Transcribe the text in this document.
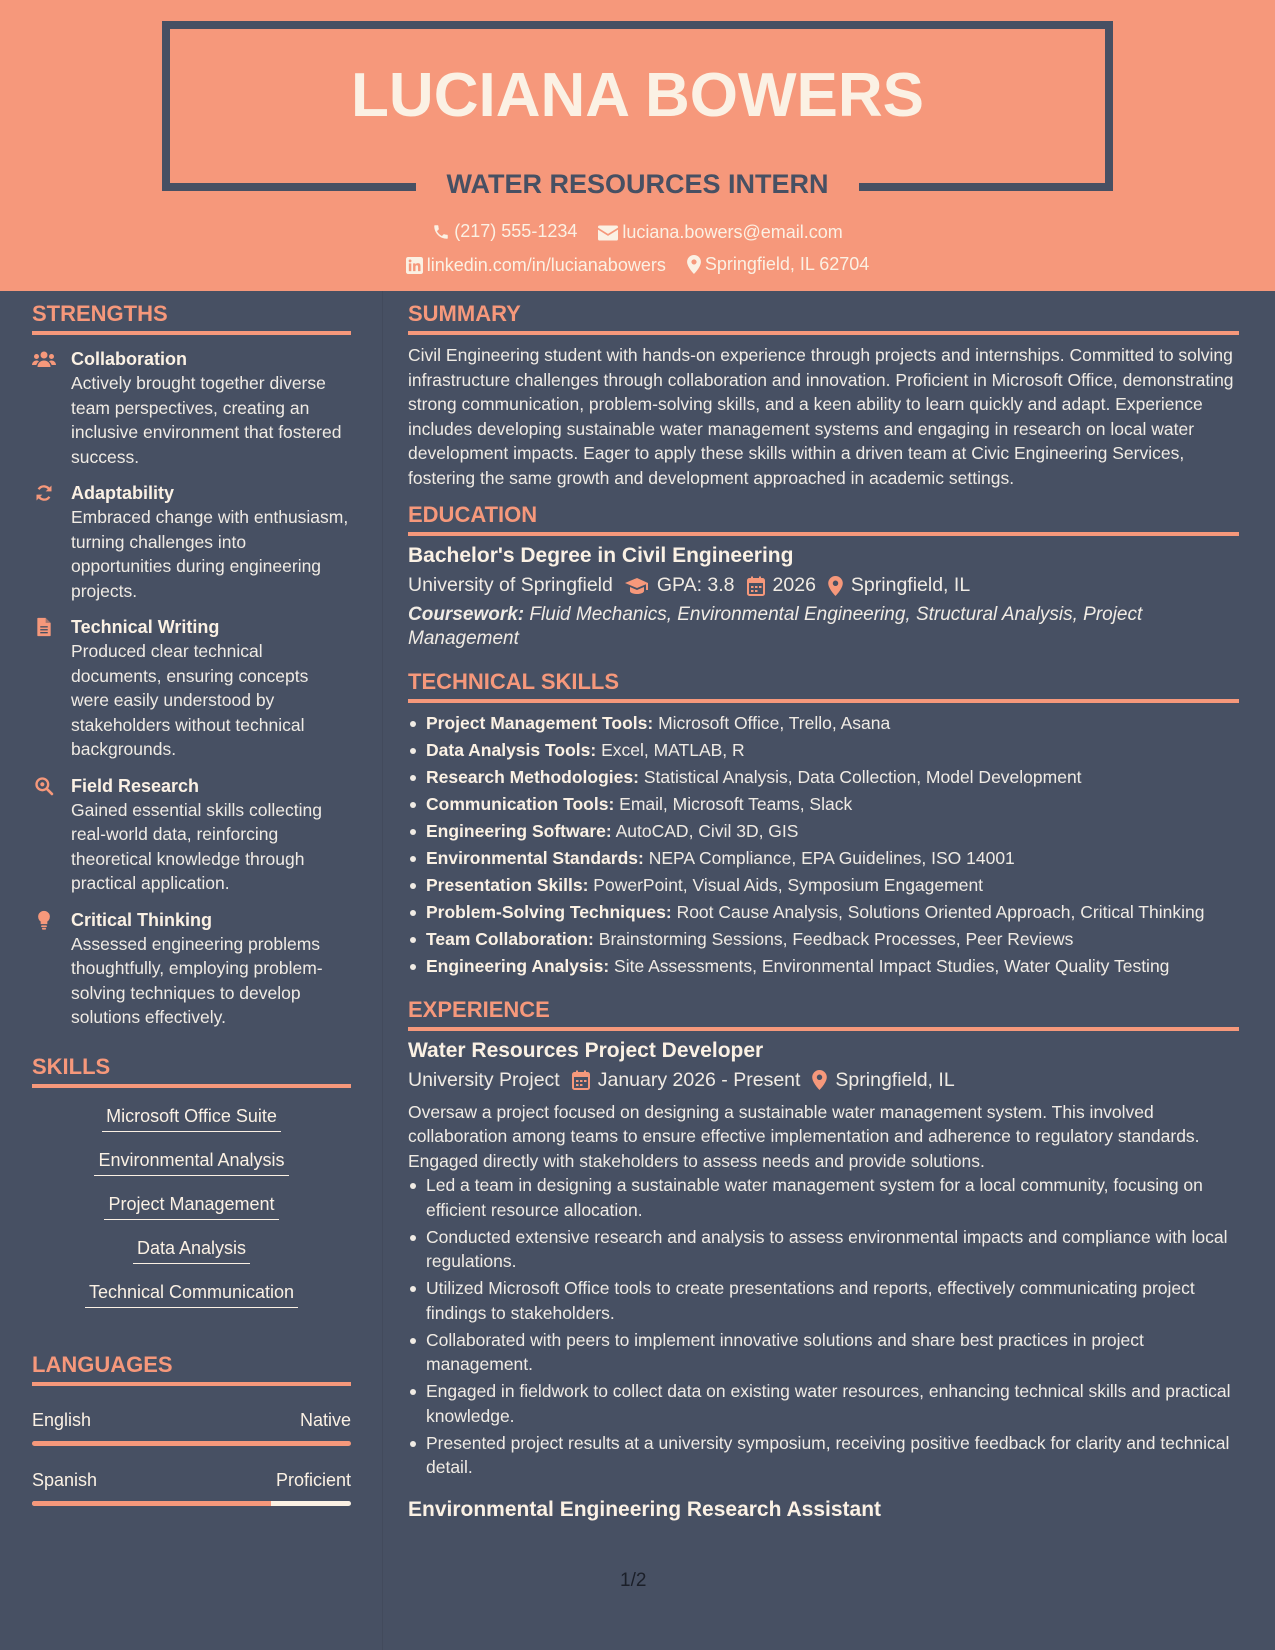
LUCIANA BOWERS
WATER RESOURCES INTERN
(217) 555-1234
	luciana.bowers@email.com
linkedin.com/in/lucianabowers
Springfield, IL 62704
STRENGTHS
Collaboration
Actively brought together diverse team perspectives, creating an inclusive environment that fostered success.
Adaptability
Embraced change with enthusiasm, turning challenges into opportunities during engineering projects.
Technical Writing
Produced clear technical documents, ensuring concepts were easily understood by stakeholders without technical backgrounds.
Field Research
Gained essential skills collecting real-world data, reinforcing theoretical knowledge through practical application.
Critical Thinking
Assessed engineering problems thoughtfully, employing problem-solving techniques to develop solutions effectively.
SKILLS
Microsoft Office Suite
Environmental Analysis
Project Management
Data Analysis
Technical Communication
LANGUAGES
English	Native
Spanish	Proficient
SUMMARY
Civil Engineering student with hands-on experience through projects and internships. Committed to solving infrastructure challenges through collaboration and innovation. Proficient in Microsoft Office, demonstrating strong communication, problem-solving skills, and a keen ability to learn quickly and adapt. Experience includes developing sustainable water management systems and engaging in research on local water development impacts. Eager to apply these skills within a driven team at Civic Engineering Services, fostering the same growth and development approached in academic settings.
EDUCATION
Bachelor's Degree in Civil Engineering
University of Springfield GPA: 3.8 2026 Springfield, IL
Coursework: Fluid Mechanics, Environmental Engineering, Structural Analysis, Project Management
TECHNICAL SKILLS
Project Management Tools: Microsoft Office, Trello, Asana
Data Analysis Tools: Excel, MATLAB, R
Research Methodologies: Statistical Analysis, Data Collection, Model Development
Communication Tools: Email, Microsoft Teams, Slack
Engineering Software: AutoCAD, Civil 3D, GIS
Environmental Standards: NEPA Compliance, EPA Guidelines, ISO 14001
Presentation Skills: PowerPoint, Visual Aids, Symposium Engagement
Problem-Solving Techniques: Root Cause Analysis, Solutions Oriented Approach, Critical Thinking
Team Collaboration: Brainstorming Sessions, Feedback Processes, Peer Reviews
Engineering Analysis: Site Assessments, Environmental Impact Studies, Water Quality Testing
EXPERIENCE
Water Resources Project Developer
University Project January 2026 - Present Springfield, IL
Oversaw a project focused on designing a sustainable water management system. This involved collaboration among teams to ensure effective implementation and adherence to regulatory standards. Engaged directly with stakeholders to assess needs and provide solutions.
Led a team in designing a sustainable water management system for a local community, focusing on efficient resource allocation.
Conducted extensive research and analysis to assess environmental impacts and compliance with local regulations.
Utilized Microsoft Office tools to create presentations and reports, effectively communicating project findings to stakeholders.
Collaborated with peers to implement innovative solutions and share best practices in project management.
Engaged in fieldwork to collect data on existing water resources, enhancing technical skills and practical knowledge.
Presented project results at a university symposium, receiving positive feedback for clarity and technical detail.
Environmental Engineering Research Assistant
1/2
